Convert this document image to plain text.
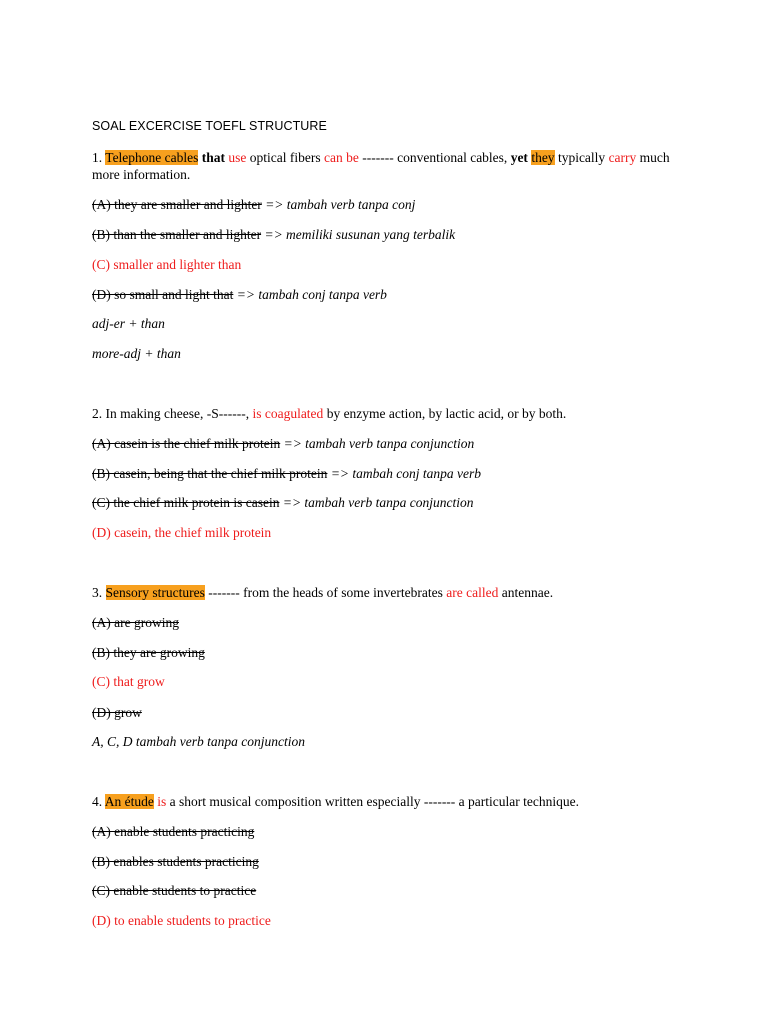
SOAL EXCERCISE TOEFL STRUCTURE
1. Telephone cables that use optical fibers can be ------- conventional cables, yet they typically carry much more information.
(A) they are smaller and lighter => tambah verb tanpa conj
(B) than the smaller and lighter => memiliki susunan yang terbalik
(C) smaller and lighter than
(D) so small and light that => tambah conj tanpa verb
adj-er + than
more-adj + than
2. In making cheese, -S------, is coagulated by enzyme action, by lactic acid, or by both.
(A) casein is the chief milk protein => tambah verb tanpa conjunction
(B) casein, being that the chief milk protein => tambah conj tanpa verb
(C) the chief milk protein is casein => tambah verb tanpa conjunction
(D) casein, the chief milk protein
3. Sensory structures ------- from the heads of some invertebrates are called antennae.
(A) are growing
(B) they are growing
(C) that grow
(D) grow
A, C, D tambah verb tanpa conjunction
4. An étude is a short musical composition written especially ------- a particular technique.
(A) enable students practicing
(B) enables students practicing
(C) enable students to practice
(D) to enable students to practice
